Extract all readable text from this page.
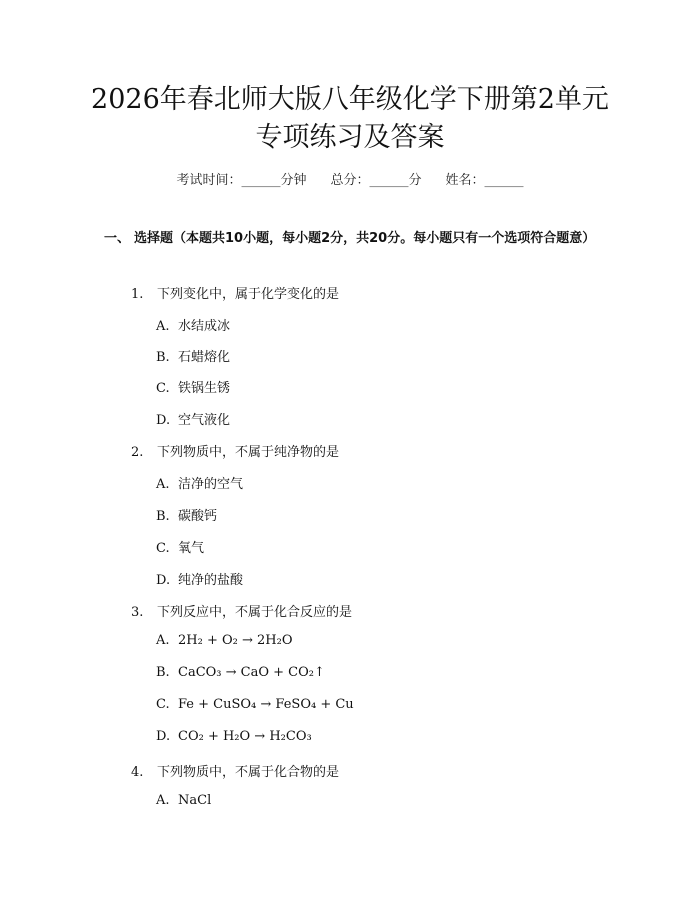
2026年春北师大版八年级化学下册第2单元
专项练习及答案
考试时间：______分钟 总分：______分 姓名：______
一、 选择题（本题共10小题，每小题2分，共20分。每小题只有一个选项符合题意）
1. 下列变化中，属于化学变化的是
A. 水结成冰
B. 石蜡熔化
C. 铁锅生锈
D. 空气液化
2. 下列物质中，不属于纯净物的是
A. 洁净的空气
B. 碳酸钙
C. 氧气
D. 纯净的盐酸
3. 下列反应中，不属于化合反应的是
A. 2H₂ + O₂ → 2H₂O
B. CaCO₃ → CaO + CO₂↑
C. Fe + CuSO₄ → FeSO₄ + Cu
D. CO₂ + H₂O → H₂CO₃
4. 下列物质中，不属于化合物的是
A. NaCl
